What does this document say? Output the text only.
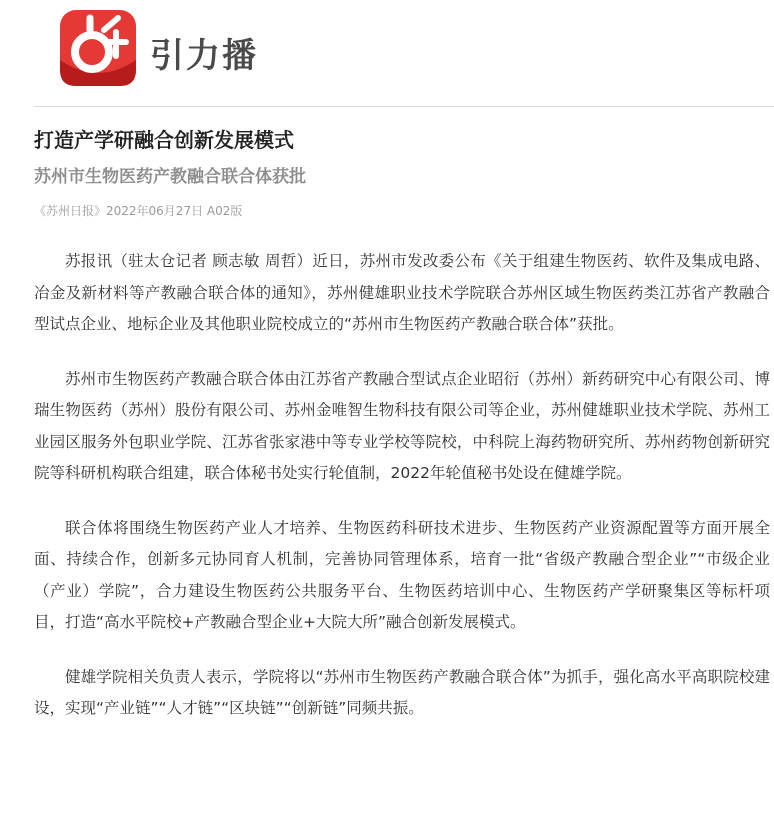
引力播
打造产学研融合创新发展模式
苏州市生物医药产教融合联合体获批

《苏州日报》2022年06月27日 A02版

苏报讯（驻太仓记者 顾志敏 周哲）近日，苏州市发改委公布《关于组建生物医药、软件及集成电路、冶金及新材料等产教融合联合体的通知》，苏州健雄职业技术学院联合苏州区域生物医药类江苏省产教融合型试点企业、地标企业及其他职业院校成立的“苏州市生物医药产教融合联合体”获批。

苏州市生物医药产教融合联合体由江苏省产教融合型试点企业昭衍（苏州）新药研究中心有限公司、博瑞生物医药（苏州）股份有限公司、苏州金唯智生物科技有限公司等企业，苏州健雄职业技术学院、苏州工业园区服务外包职业学院、江苏省张家港中等专业学校等院校，中科院上海药物研究所、苏州药物创新研究院等科研机构联合组建，联合体秘书处实行轮值制，2022年轮值秘书处设在健雄学院。

联合体将围绕生物医药产业人才培养、生物医药科研技术进步、生物医药产业资源配置等方面开展全面、持续合作，创新多元协同育人机制，完善协同管理体系，培育一批“省级产教融合型企业”“市级企业（产业）学院”，合力建设生物医药公共服务平台、生物医药培训中心、生物医药产学研聚集区等标杆项目，打造“高水平院校+产教融合型企业+大院大所”融合创新发展模式。

健雄学院相关负责人表示，学院将以“苏州市生物医药产教融合联合体”为抓手，强化高水平高职院校建设，实现“产业链”“人才链”“区块链”“创新链”同频共振。
